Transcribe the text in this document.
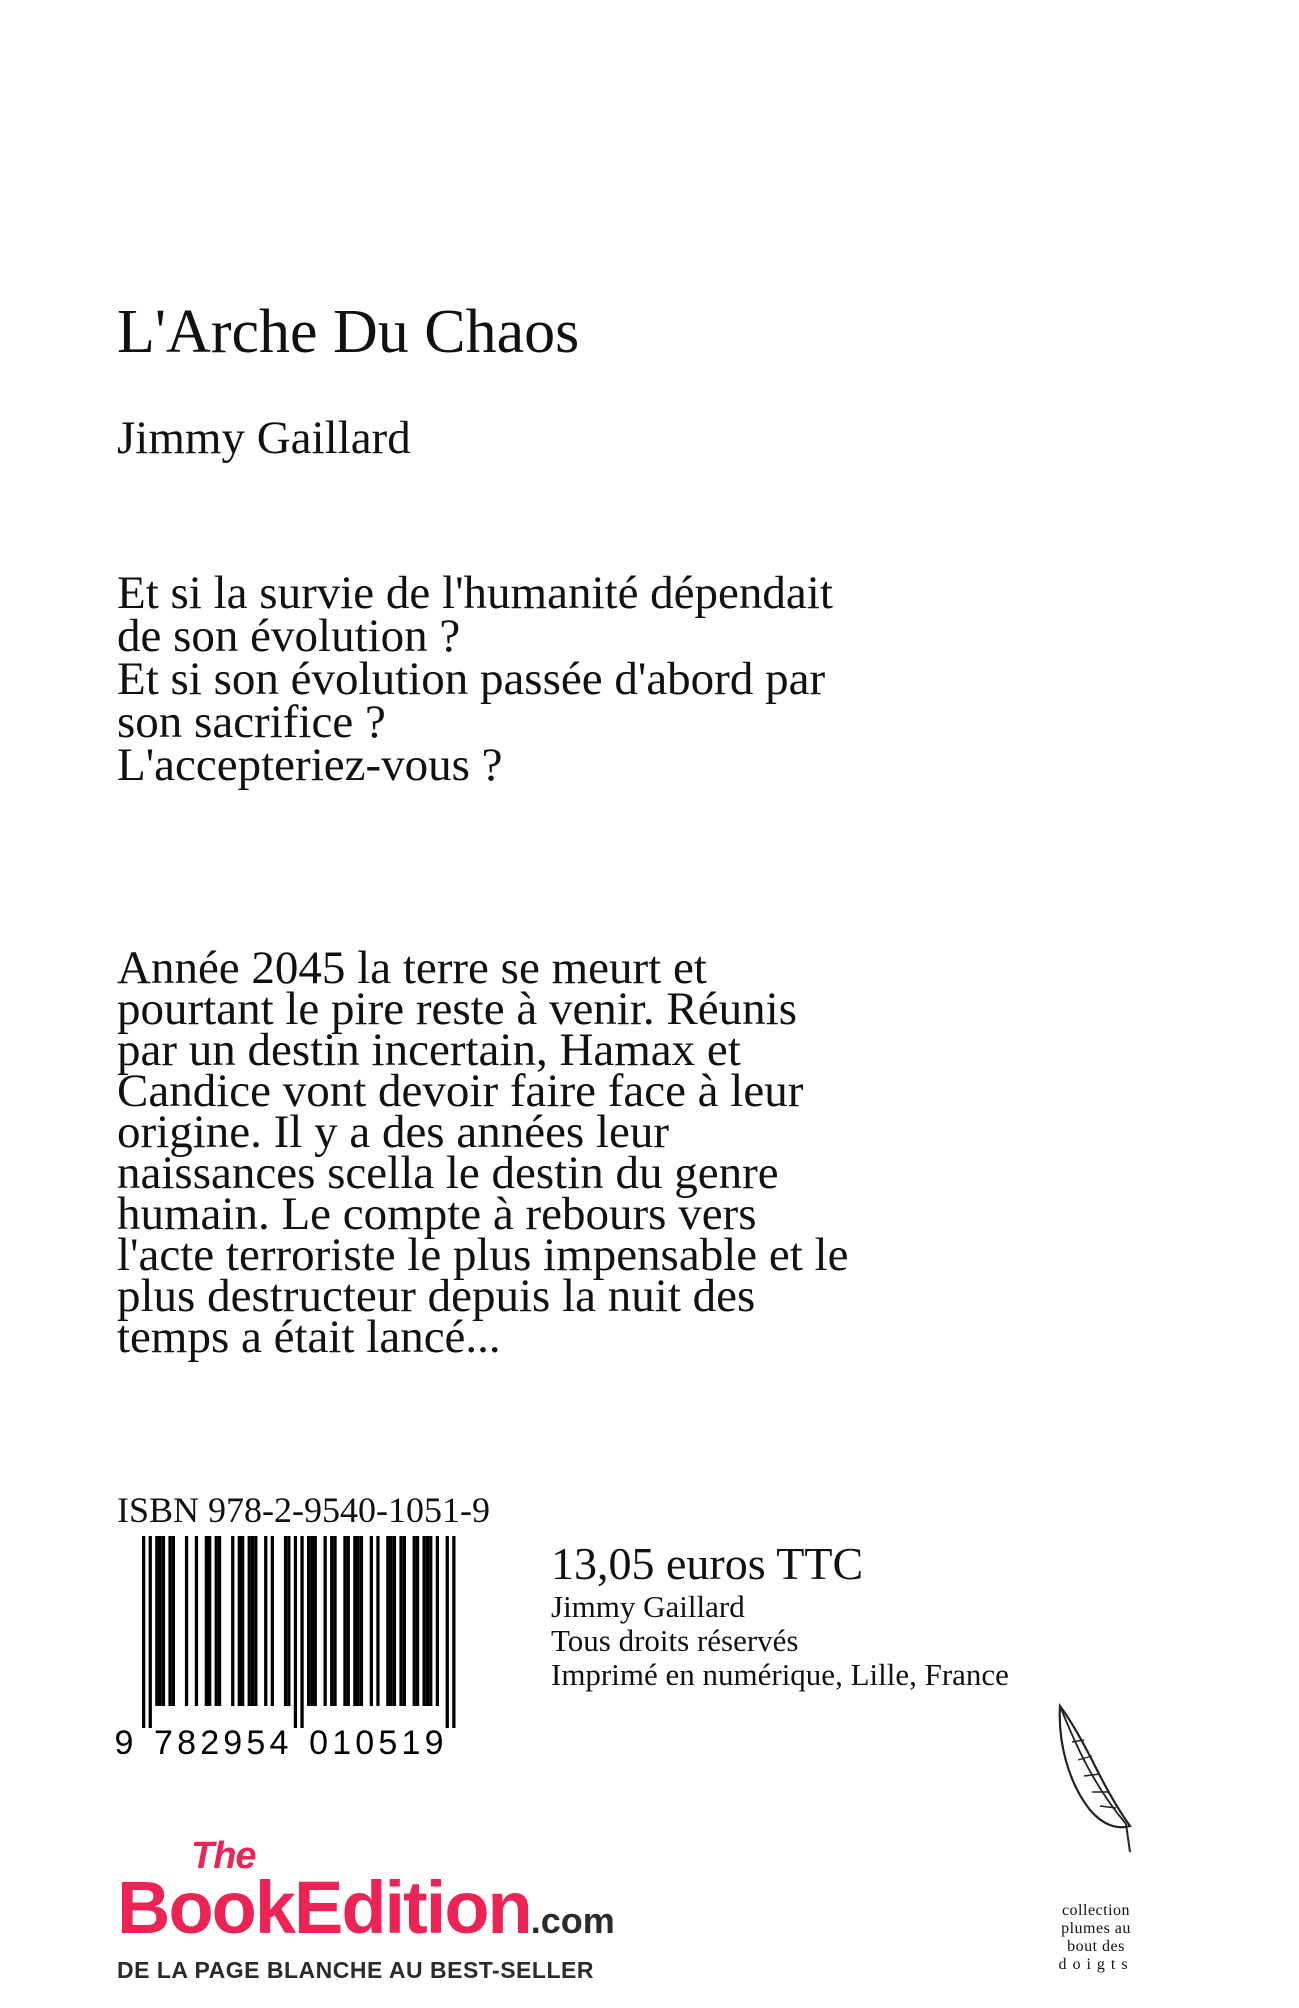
L'Arche Du Chaos
Jimmy Gaillard
Et si la survie de l'humanité dépendait
de son évolution ?
Et si son évolution passée d'abord par
son sacrifice ?
L'accepteriez-vous ?
Année 2045 la terre se meurt et
pourtant le pire reste à venir. Réunis
par un destin incertain, Hamax et
Candice vont devoir faire face à leur
origine. Il y a des années leur
naissances scella le destin du genre
humain. Le compte à rebours vers
l'acte terroriste le plus impensable et le
plus destructeur depuis la nuit des
temps a était lancé...
ISBN 978-2-9540-1051-9
9 7 8 2 9 5 4 0 1 0 5 1 9
13,05 euros TTC
Jimmy Gaillard
Tous droits réservés
Imprimé en numérique, Lille, France
The
BookEdition.com
DE LA PAGE BLANCHE AU BEST-SELLER
collection
plumes au
bout des
doigts
